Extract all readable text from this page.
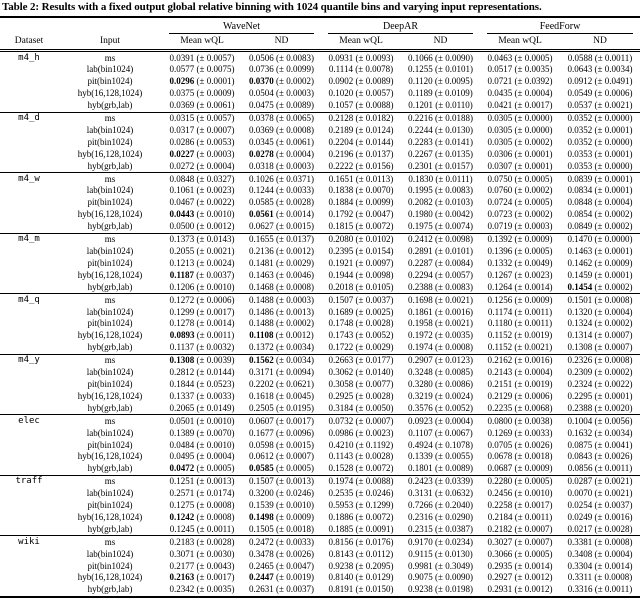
Table 2: Results with a fixed output global relative binning with 1024 quantile bins and varying input representations.
		WaveNet		DeepAR		FeedForw	
Dataset	Input	Mean wQL	ND	Mean wQL	ND	Mean wQL	ND

m4_h	ms	0.0391 (± 0.0057)	0.0506 (± 0.0083)	0.0931 (± 0.0093)	0.1066 (± 0.0090)	0.0463 (± 0.0005)	0.0588 (± 0.0011)
	lab(bin1024)	0.0577 (± 0.0075)	0.0736 (± 0.0099)	0.1114 (± 0.0078)	0.1255 (± 0.0101)	0.0517 (± 0.0035)	0.0643 (± 0.0034)
	pit(bin1024)	0.0296 (± 0.0001)	0.0370 (± 0.0002)	0.0902 (± 0.0089)	0.1120 (± 0.0095)	0.0721 (± 0.0392)	0.0912 (± 0.0491)
	hyb(16,128,1024)	0.0375 (± 0.0009)	0.0504 (± 0.0003)	0.1020 (± 0.0057)	0.1189 (± 0.0109)	0.0435 (± 0.0004)	0.0549 (± 0.0006)
	hyb(grb,lab)	0.0369 (± 0.0061)	0.0475 (± 0.0089)	0.1057 (± 0.0088)	0.1201 (± 0.0110)	0.0421 (± 0.0017)	0.0537 (± 0.0021)
m4_d	ms	0.0315 (± 0.0057)	0.0378 (± 0.0065)	0.2128 (± 0.0182)	0.2216 (± 0.0188)	0.0305 (± 0.0000)	0.0352 (± 0.0000)
	lab(bin1024)	0.0317 (± 0.0007)	0.0369 (± 0.0008)	0.2189 (± 0.0124)	0.2244 (± 0.0130)	0.0305 (± 0.0000)	0.0352 (± 0.0001)
	pit(bin1024)	0.0286 (± 0.0053)	0.0345 (± 0.0061)	0.2204 (± 0.0144)	0.2283 (± 0.0141)	0.0305 (± 0.0002)	0.0352 (± 0.0000)
	hyb(16,128,1024)	0.0227 (± 0.0003)	0.0278 (± 0.0004)	0.2196 (± 0.0137)	0.2267 (± 0.0135)	0.0306 (± 0.0001)	0.0353 (± 0.0001)
	hyb(grb,lab)	0.0272 (± 0.0004)	0.0318 (± 0.0003)	0.2222 (± 0.0156)	0.2301 (± 0.0157)	0.0307 (± 0.0001)	0.0353 (± 0.0000)
m4_w	ms	0.0848 (± 0.0327)	0.1026 (± 0.0371)	0.1651 (± 0.0113)	0.1830 (± 0.0111)	0.0750 (± 0.0005)	0.0839 (± 0.0001)
	lab(bin1024)	0.1061 (± 0.0023)	0.1244 (± 0.0033)	0.1838 (± 0.0070)	0.1995 (± 0.0083)	0.0760 (± 0.0002)	0.0834 (± 0.0001)
	pit(bin1024)	0.0467 (± 0.0022)	0.0585 (± 0.0028)	0.1884 (± 0.0099)	0.2082 (± 0.0103)	0.0724 (± 0.0005)	0.0848 (± 0.0004)
	hyb(16,128,1024)	0.0443 (± 0.0010)	0.0561 (± 0.0014)	0.1792 (± 0.0047)	0.1980 (± 0.0042)	0.0723 (± 0.0002)	0.0854 (± 0.0002)
	hyb(grb,lab)	0.0500 (± 0.0012)	0.0627 (± 0.0015)	0.1815 (± 0.0072)	0.1975 (± 0.0074)	0.0719 (± 0.0003)	0.0849 (± 0.0002)
m4_m	ms	0.1373 (± 0.0143)	0.1655 (± 0.0137)	0.2080 (± 0.0102)	0.2412 (± 0.0098)	0.1392 (± 0.0009)	0.1470 (± 0.0000)
	lab(bin1024)	0.2055 (± 0.0021)	0.2136 (± 0.0012)	0.2395 (± 0.0154)	0.2891 (± 0.0101)	0.1396 (± 0.0005)	0.1463 (± 0.0001)
	pit(bin1024)	0.1213 (± 0.0024)	0.1481 (± 0.0029)	0.1921 (± 0.0097)	0.2287 (± 0.0084)	0.1332 (± 0.0049)	0.1462 (± 0.0009)
	hyb(16,128,1024)	0.1187 (± 0.0037)	0.1463 (± 0.0046)	0.1944 (± 0.0098)	0.2294 (± 0.0057)	0.1267 (± 0.0023)	0.1459 (± 0.0001)
	hyb(grb,lab)	0.1206 (± 0.0010)	0.1468 (± 0.0008)	0.2018 (± 0.0105)	0.2388 (± 0.0083)	0.1264 (± 0.0014)	0.1454 (± 0.0002)
m4_q	ms	0.1272 (± 0.0006)	0.1488 (± 0.0003)	0.1507 (± 0.0037)	0.1698 (± 0.0021)	0.1256 (± 0.0009)	0.1501 (± 0.0008)
	lab(bin1024)	0.1299 (± 0.0017)	0.1486 (± 0.0013)	0.1689 (± 0.0025)	0.1861 (± 0.0016)	0.1174 (± 0.0011)	0.1320 (± 0.0004)
	pit(bin1024)	0.1278 (± 0.0014)	0.1488 (± 0.0002)	0.1748 (± 0.0028)	0.1958 (± 0.0021)	0.1180 (± 0.0011)	0.1324 (± 0.0002)
	hyb(16,128,1024)	0.0893 (± 0.0011)	0.1108 (± 0.0012)	0.1743 (± 0.0052)	0.1972 (± 0.0035)	0.1152 (± 0.0019)	0.1314 (± 0.0007)
	hyb(grb,lab)	0.1137 (± 0.0032)	0.1372 (± 0.0034)	0.1722 (± 0.0029)	0.1974 (± 0.0008)	0.1152 (± 0.0021)	0.1308 (± 0.0007)
m4_y	ms	0.1308 (± 0.0039)	0.1562 (± 0.0034)	0.2663 (± 0.0177)	0.2907 (± 0.0123)	0.2162 (± 0.0016)	0.2326 (± 0.0008)
	lab(bin1024)	0.2812 (± 0.0144)	0.3171 (± 0.0094)	0.3062 (± 0.0140)	0.3248 (± 0.0085)	0.2143 (± 0.0004)	0.2309 (± 0.0002)
	pit(bin1024)	0.1844 (± 0.0523)	0.2202 (± 0.0621)	0.3058 (± 0.0077)	0.3280 (± 0.0086)	0.2151 (± 0.0019)	0.2324 (± 0.0022)
	hyb(16,128,1024)	0.1337 (± 0.0033)	0.1618 (± 0.0045)	0.2925 (± 0.0028)	0.3219 (± 0.0024)	0.2129 (± 0.0006)	0.2295 (± 0.0001)
	hyb(grb,lab)	0.2065 (± 0.0149)	0.2505 (± 0.0195)	0.3184 (± 0.0050)	0.3576 (± 0.0052)	0.2235 (± 0.0068)	0.2388 (± 0.0020)
elec	ms	0.0501 (± 0.0010)	0.0607 (± 0.0017)	0.0732 (± 0.0007)	0.0923 (± 0.0004)	0.0800 (± 0.0038)	0.1004 (± 0.0056)
	lab(bin1024)	0.1389 (± 0.0070)	0.1677 (± 0.0096)	0.0986 (± 0.0023)	0.1107 (± 0.0067)	0.1269 (± 0.0033)	0.1632 (± 0.0034)
	pit(bin1024)	0.0484 (± 0.0010)	0.0598 (± 0.0015)	0.4210 (± 0.1192)	0.4924 (± 0.1078)	0.0705 (± 0.0026)	0.0875 (± 0.0041)
	hyb(16,128,1024)	0.0495 (± 0.0004)	0.0612 (± 0.0007)	0.1143 (± 0.0028)	0.1339 (± 0.0055)	0.0678 (± 0.0018)	0.0843 (± 0.0026)
	hyb(grb,lab)	0.0472 (± 0.0005)	0.0585 (± 0.0005)	0.1528 (± 0.0072)	0.1801 (± 0.0089)	0.0687 (± 0.0009)	0.0856 (± 0.0011)
traff	ms	0.1251 (± 0.0013)	0.1507 (± 0.0013)	0.1974 (± 0.0088)	0.2423 (± 0.0339)	0.2280 (± 0.0005)	0.0287 (± 0.0021)
	lab(bin1024)	0.2571 (± 0.0174)	0.3200 (± 0.0246)	0.2535 (± 0.0246)	0.3131 (± 0.0632)	0.2456 (± 0.0010)	0.0070 (± 0.0021)
	pit(bin1024)	0.1275 (± 0.0008)	0.1539 (± 0.0010)	0.5953 (± 0.1299)	0.7266 (± 0.2040)	0.2258 (± 0.0017)	0.0254 (± 0.0037)
	hyb(16,128,1024)	0.1242 (± 0.0008)	0.1498 (± 0.0009)	0.1886 (± 0.0072)	0.2316 (± 0.0290)	0.2184 (± 0.0011)	0.0249 (± 0.0016)
	hyb(grb,lab)	0.1245 (± 0.0011)	0.1505 (± 0.0018)	0.1885 (± 0.0091)	0.2315 (± 0.0387)	0.2182 (± 0.0007)	0.0217 (± 0.0028)
wiki	ms	0.2183 (± 0.0028)	0.2472 (± 0.0033)	0.8156 (± 0.0176)	0.9170 (± 0.0234)	0.3027 (± 0.0007)	0.3381 (± 0.0008)
	lab(bin1024)	0.3071 (± 0.0030)	0.3478 (± 0.0026)	0.8143 (± 0.0112)	0.9115 (± 0.0130)	0.3066 (± 0.0005)	0.3408 (± 0.0004)
	pit(bin1024)	0.2177 (± 0.0043)	0.2465 (± 0.0047)	0.9238 (± 0.2095)	0.9981 (± 0.3049)	0.2935 (± 0.0014)	0.3304 (± 0.0014)
	hyb(16,128,1024)	0.2163 (± 0.0017)	0.2447 (± 0.0019)	0.8140 (± 0.0129)	0.9075 (± 0.0090)	0.2927 (± 0.0012)	0.3311 (± 0.0008)
	hyb(grb,lab)	0.2342 (± 0.0035)	0.2631 (± 0.0037)	0.8191 (± 0.0150)	0.9238 (± 0.0198)	0.2931 (± 0.0012)	0.3316 (± 0.0011)
